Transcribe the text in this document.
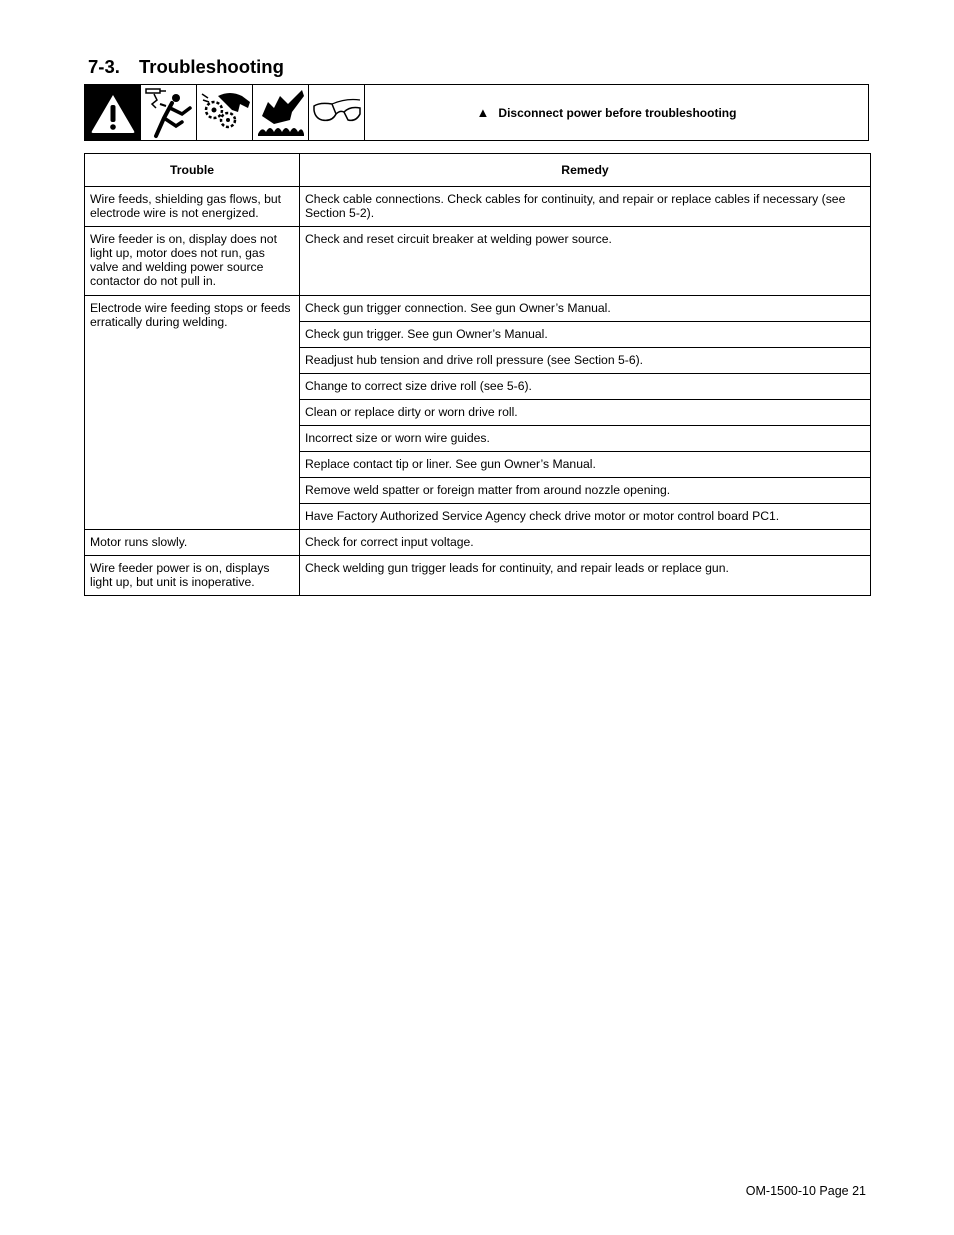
7-3. Troubleshooting
▲ Disconnect power before troubleshooting
Trouble	Remedy
Wire feeds, shielding gas flows, but electrode wire is not energized.	Check cable connections. Check cables for continuity, and repair or replace cables if necessary (see Section 5-2).
Wire feeder is on, display does not light up, motor does not run, gas valve and welding power source contactor do not pull in.	Check and reset circuit breaker at welding power source.
Electrode wire feeding stops or feeds erratically during welding.	Check gun trigger connection. See gun Owner’s Manual.
	Check gun trigger. See gun Owner’s Manual.
	Readjust hub tension and drive roll pressure (see Section 5-6).
	Change to correct size drive roll (see 5-6).
	Clean or replace dirty or worn drive roll.
	Incorrect size or worn wire guides.
	Replace contact tip or liner. See gun Owner’s Manual.
	Remove weld spatter or foreign matter from around nozzle opening.
	Have Factory Authorized Service Agency check drive motor or motor control board PC1.
Motor runs slowly.	Check for correct input voltage.
Wire feeder power is on, displays light up, but unit is inoperative.	Check welding gun trigger leads for continuity, and repair leads or replace gun.
OM-1500-10 Page 21
